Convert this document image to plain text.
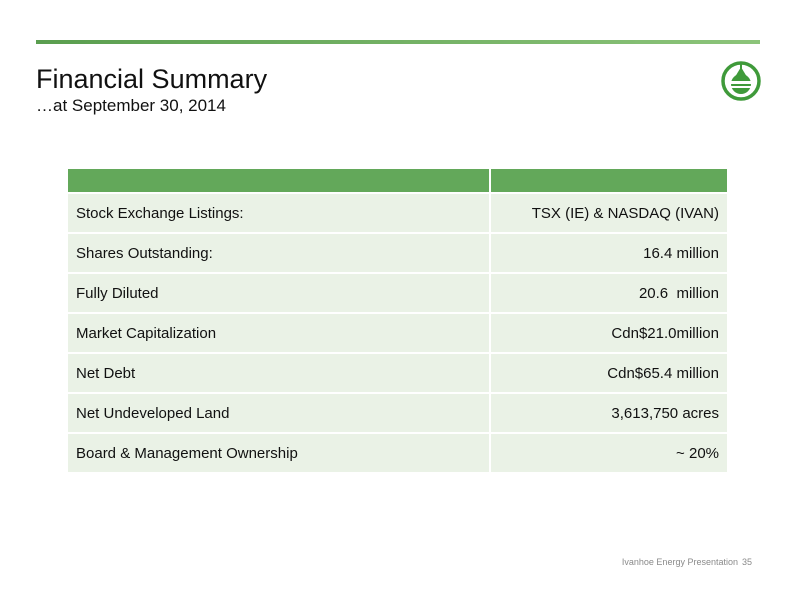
Financial Summary
…at September 30, 2014

Stock Exchange Listings:	TSX (IE) & NASDAQ (IVAN)
Shares Outstanding:	16.4 million
Fully Diluted	20.6  million
Market Capitalization	Cdn$21.0million
Net Debt	Cdn$65.4 million
Net Undeveloped Land	3,613,750 acres
Board & Management Ownership	~ 20%
Ivanhoe Energy Presentation 35
